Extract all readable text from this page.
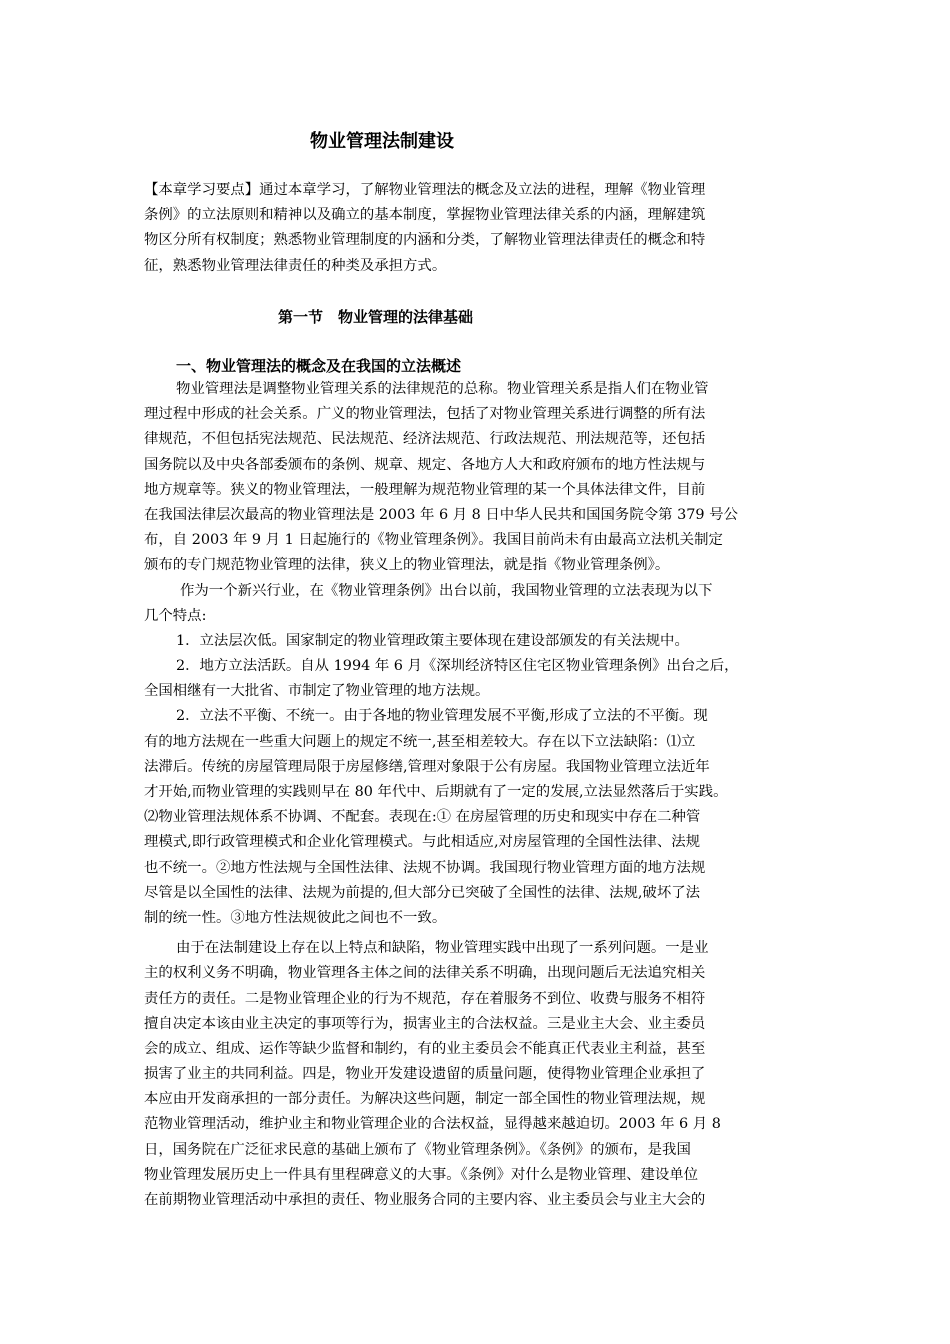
物业管理法制建设
【本章学习要点】通过本章学习，了解物业管理法的概念及立法的进程，理解《物业管理
条例》的立法原则和精神以及确立的基本制度，掌握物业管理法律关系的内涵，理解建筑
物区分所有权制度；熟悉物业管理制度的内涵和分类，了解物业管理法律责任的概念和特
征，熟悉物业管理法律责任的种类及承担方式。
第一节　物业管理的法律基础
一、物业管理法的概念及在我国的立法概述
物业管理法是调整物业管理关系的法律规范的总称。物业管理关系是指人们在物业管
理过程中形成的社会关系。广义的物业管理法，包括了对物业管理关系进行调整的所有法
律规范，不但包括宪法规范、民法规范、经济法规范、行政法规范、刑法规范等，还包括
国务院以及中央各部委颁布的条例、规章、规定、各地方人大和政府颁布的地方性法规与
地方规章等。狭义的物业管理法，一般理解为规范物业管理的某一个具体法律文件，目前
在我国法律层次最高的物业管理法是 2003 年 6 月 8 日中华人民共和国国务院令第 379 号公
布，自 2003 年 9 月 1 日起施行的《物业管理条例》。我国目前尚未有由最高立法机关制定
颁布的专门规范物业管理的法律，狭义上的物业管理法，就是指《物业管理条例》。
作为一个新兴行业，在《物业管理条例》出台以前，我国物业管理的立法表现为以下
几个特点:
1．立法层次低。国家制定的物业管理政策主要体现在建设部颁发的有关法规中。
2．地方立法活跃。自从 1994 年 6 月《深圳经济特区住宅区物业管理条例》出台之后，
全国相继有一大批省、市制定了物业管理的地方法规。
2．立法不平衡、不统一。由于各地的物业管理发展不平衡,形成了立法的不平衡。现
有的地方法规在一些重大问题上的规定不统一,甚至相差较大。存在以下立法缺陷：⑴立
法滞后。传统的房屋管理局限于房屋修缮,管理对象限于公有房屋。我国物业管理立法近年
才开始,而物业管理的实践则早在 80 年代中、后期就有了一定的发展,立法显然落后于实践。
⑵物业管理法规体系不协调、不配套。表现在:① 在房屋管理的历史和现实中存在二种管
理模式,即行政管理模式和企业化管理模式。与此相适应,对房屋管理的全国性法律、法规
也不统一。②地方性法规与全国性法律、法规不协调。我国现行物业管理方面的地方法规
尽管是以全国性的法律、法规为前提的,但大部分已突破了全国性的法律、法规,破坏了法
制的统一性。③地方性法规彼此之间也不一致。
由于在法制建设上存在以上特点和缺陷，物业管理实践中出现了一系列问题。一是业
主的权利义务不明确，物业管理各主体之间的法律关系不明确，出现问题后无法追究相关
责任方的责任。二是物业管理企业的行为不规范，存在着服务不到位、收费与服务不相符
擅自决定本该由业主决定的事项等行为，损害业主的合法权益。三是业主大会、业主委员
会的成立、组成、运作等缺少监督和制约，有的业主委员会不能真正代表业主利益，甚至
损害了业主的共同利益。四是，物业开发建设遗留的质量问题，使得物业管理企业承担了
本应由开发商承担的一部分责任。为解决这些问题，制定一部全国性的物业管理法规，规
范物业管理活动，维护业主和物业管理企业的合法权益，显得越来越迫切。2003 年 6 月 8
日，国务院在广泛征求民意的基础上颁布了《物业管理条例》。《条例》的颁布，是我国
物业管理发展历史上一件具有里程碑意义的大事。《条例》对什么是物业管理、建设单位
在前期物业管理活动中承担的责任、物业服务合同的主要内容、业主委员会与业主大会的
